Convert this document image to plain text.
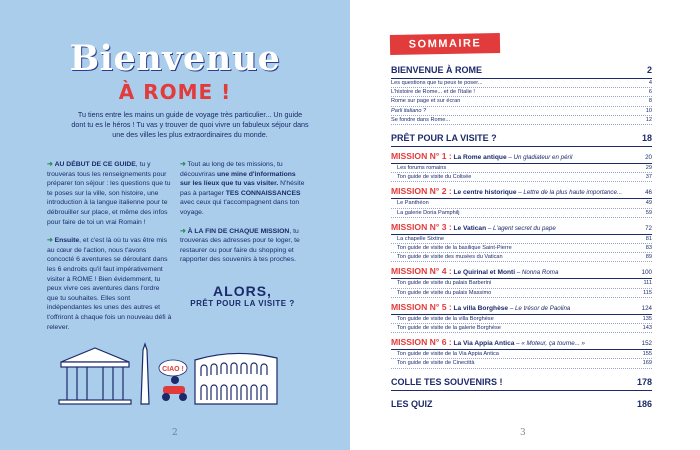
Bienvenue
À ROME !
Tu tiens entre les mains un guide de voyage très particulier... Un guide dont tu es le héros ! Tu vas y trouver de quoi vivre un fabuleux séjour dans une des villes les plus extraordinaires du monde.

➜ AU DÉBUT DE CE GUIDE, tu y trouveras tous les renseignements pour préparer ton séjour : les questions que tu te poses sur la ville, son histoire, une introduction à la langue italienne pour te débrouiller sur place, et même des infos pour faire de toi un vrai Romain !

➜ Ensuite, et c'est là où tu vas être mis au cœur de l'action, nous t'avons concocté 6 aventures se déroulant dans les 6 endroits qu'il faut impérativement visiter à ROME ! Bien évidemment, tu peux vivre ces aventures dans l'ordre que tu souhaites. Elles sont indépendantes les unes des autres et t'offriront à chaque fois un nouveau défi à relever.

➜ Tout au long de tes missions, tu découvriras une mine d'informations sur les lieux que tu vas visiter. N'hésite pas à partager TES CONNAISSANCES avec ceux qui t'accompagnent dans ton voyage.

➜ À LA FIN DE CHAQUE MISSION, tu trouveras des adresses pour te loger, te restaurer ou pour faire du shopping et rapporter des souvenirs à tes proches.

ALORS,
PRÊT POUR LA VISITE ?
CIAO !
2
SOMMAIRE
BIENVENUE À ROME	2
Les questions que tu peux te poser...	4
L'histoire de Rome... et de l'Italie !	6
Rome sur page et sur écran	8
Parli italiano ?	10
Se fondre dans Rome...	12
PRÊT POUR LA VISITE ?	18
MISSION N° 1 : La Rome antique – Un gladiateur en péril	20
Les forums romains	29
Ton guide de visite du Colisée	37
MISSION N° 2 : Le centre historique – Lettre de la plus haute importance...	46
Le Panthéon	49
La galerie Doria Pamphilj	59
MISSION N° 3 : Le Vatican – L'agent secret du pape	72
La chapelle Sixtine	81
Ton guide de visite de la basilique Saint-Pierre	83
Ton guide de visite des musées du Vatican	89
MISSION N° 4 : Le Quirinal et Monti – Nonna Roma	100
Ton guide de visite du palais Barberini	111
Ton guide de visite du palais Massimo	115
MISSION N° 5 : La villa Borghèse – Le trésor de Paolina	124
Ton guide de visite de la villa Borghèse	135
Ton guide de visite de la galerie Borghèse	143
MISSION N° 6 : La Via Appia Antica – « Moteur, ça tourne... »	152
Ton guide de visite de la Via Appia Antica	155
Ton guide de visite de Cinecittà	169
COLLE TES SOUVENIRS !	178
LES QUIZ	186
3
